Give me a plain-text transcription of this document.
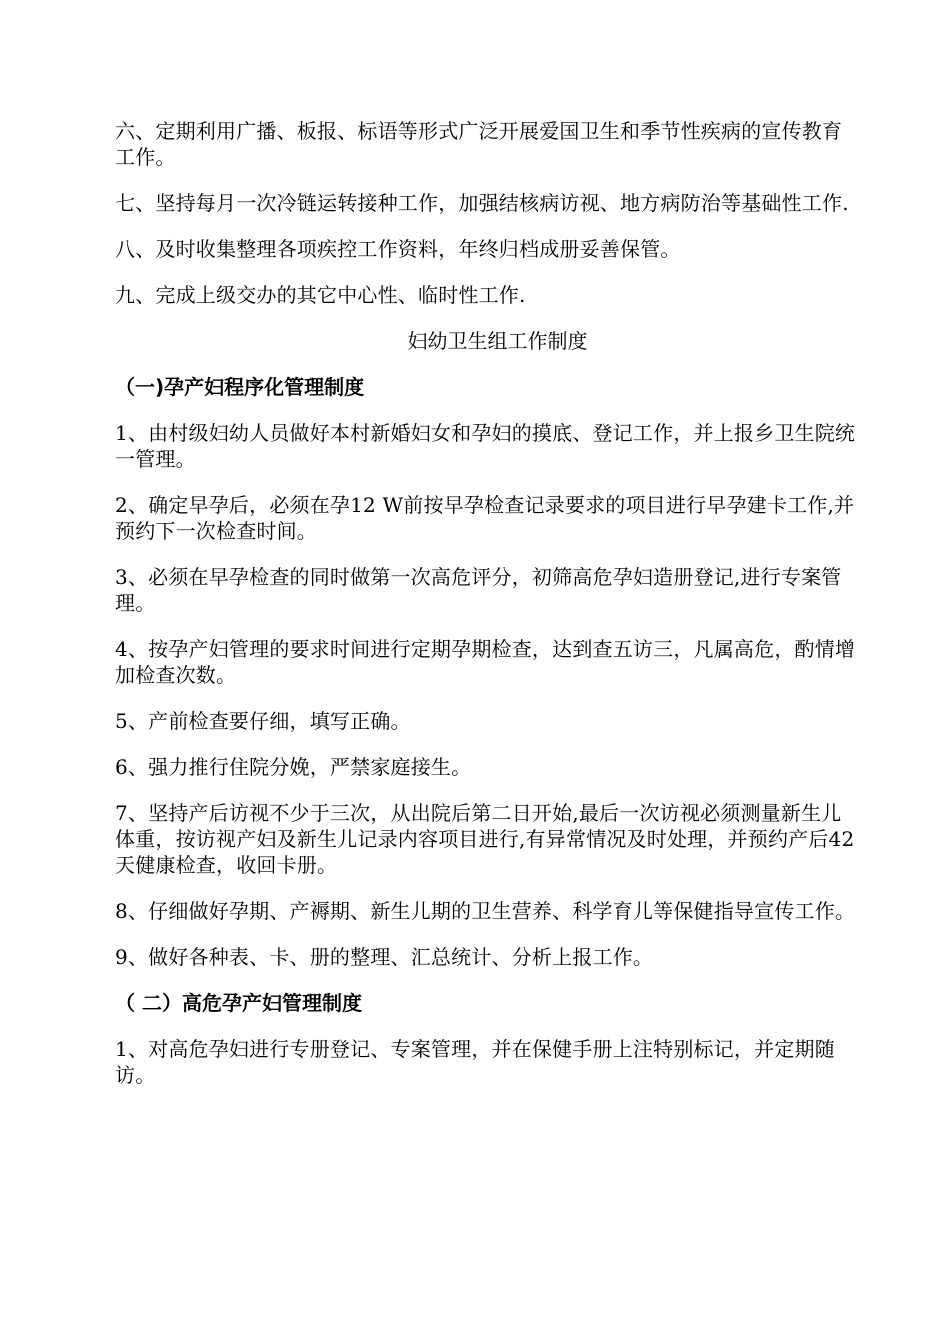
六、定期利用广播、板报、标语等形式广泛开展爱国卫生和季节性疾病的宣传教育工作。

七、坚持每月一次冷链运转接种工作，加强结核病访视、地方病防治等基础性工作.

八、及时收集整理各项疾控工作资料，年终归档成册妥善保管。

九、完成上级交办的其它中心性、临时性工作.

妇幼卫生组工作制度

（一)孕产妇程序化管理制度

1、由村级妇幼人员做好本村新婚妇女和孕妇的摸底、登记工作，并上报乡卫生院统一管理。

2、确定早孕后，必须在孕12 W前按早孕检查记录要求的项目进行早孕建卡工作,并预约下一次检查时间。

3、必须在早孕检查的同时做第一次高危评分，初筛高危孕妇造册登记,进行专案管理。

4、按孕产妇管理的要求时间进行定期孕期检查，达到查五访三，凡属高危，酌情增加检查次数。

5、产前检查要仔细，填写正确。

6、强力推行住院分娩，严禁家庭接生。

7、坚持产后访视不少于三次，从出院后第二日开始,最后一次访视必须测量新生儿体重，按访视产妇及新生儿记录内容项目进行,有异常情况及时处理，并预约产后42天健康检查，收回卡册。

8、仔细做好孕期、产褥期、新生儿期的卫生营养、科学育儿等保健指导宣传工作。

9、做好各种表、卡、册的整理、汇总统计、分析上报工作。

（ 二）高危孕产妇管理制度

1、对高危孕妇进行专册登记、专案管理，并在保健手册上注特别标记，并定期随访。
